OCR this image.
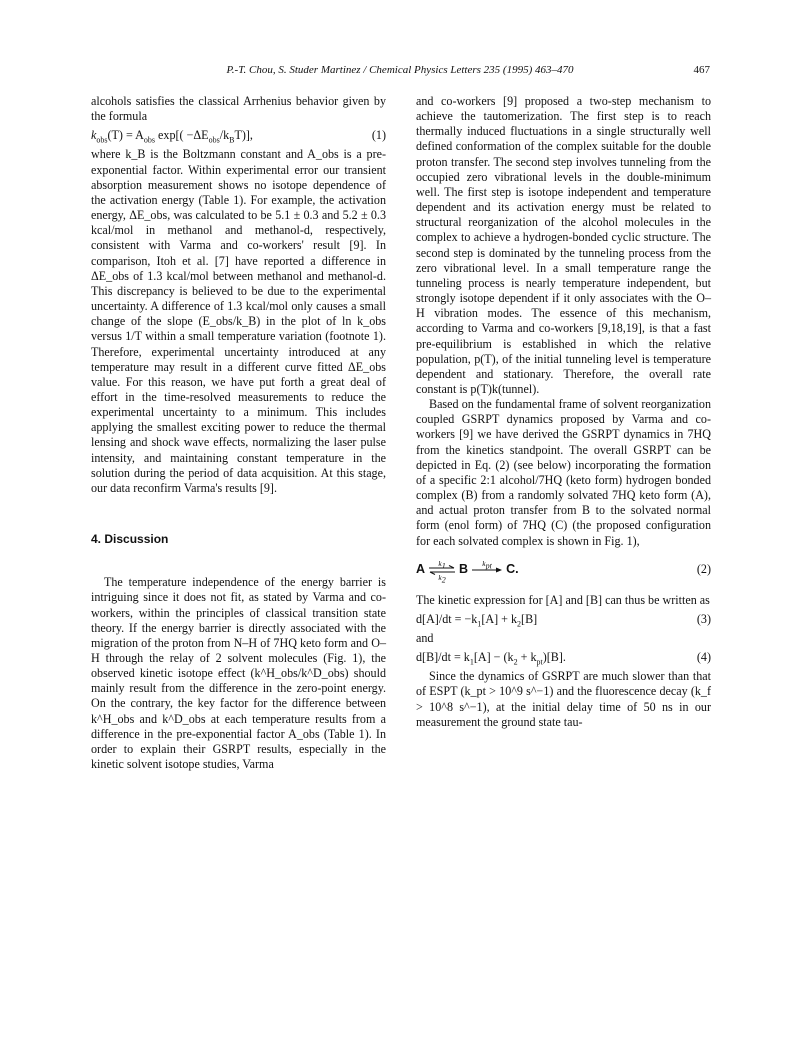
P.-T. Chou, S. Studer Martinez / Chemical Physics Letters 235 (1995) 463–470	467

alcohols satisfies the classical Arrhenius behavior given by the formula

$k_{obs}(T) = A_{obs}$ $\exp[( -\Delta E_{obs}/k_BT)]$,	(1)

where k_B is the Boltzmann constant and A_obs is a pre-exponential factor. Within experimental error our transient absorption measurement shows no isotope dependence of the activation energy (Table 1). For example, the activation energy, ΔE_obs, was calculated to be 5.1 ± 0.3 and 5.2 ± 0.3 kcal/mol in methanol and methanol-d, respectively, consistent with Varma and co-workers' result [9]. In comparison, Itoh et al. [7] have reported a difference in ΔE_obs of 1.3 kcal/mol between methanol and methanol-d. This discrepancy is believed to be due to the experimental uncertainty. A difference of 1.3 kcal/mol only causes a small change of the slope (E_obs/k_B) in the plot of ln k_obs versus 1/T within a small temperature variation (footnote 1). Therefore, experimental uncertainty introduced at any temperature may result in a different curve fitted ΔE_obs value. For this reason, we have put forth a great deal of effort in the time-resolved measurements to reduce the experimental uncertainty to a minimum. This includes applying the smallest exciting power to reduce the thermal lensing and shock wave effects, normalizing the laser pulse intensity, and maintaining constant temperature in the solution during the period of data acquisition. At this stage, our data reconfirm Varma's results [9].

4. Discussion

The temperature independence of the energy barrier is intriguing since it does not fit, as stated by Varma and co-workers, within the principles of classical transition state theory. If the energy barrier is directly associated with the migration of the proton from N–H of 7HQ keto form and O–H through the relay of 2 solvent molecules (Fig. 1), the observed kinetic isotope effect (k^H_obs/k^D_obs) should mainly result from the difference in the zero-point energy. On the contrary, the key factor for the difference between k^H_obs and k^D_obs at each temperature results from a difference in the pre-exponential factor A_obs (Table 1). In order to explain their GSRPT results, especially in the kinetic solvent isotope studies, Varma

and co-workers [9] proposed a two-step mechanism to achieve the tautomerization. The first step is to reach thermally induced fluctuations in a single structurally well defined conformation of the complex suitable for the double proton transfer. The second step involves tunneling from the occupied zero vibrational levels in the double-minimum well. The first step is isotope independent and temperature dependent and its activation energy must be related to structural reorganization of the alcohol molecules in the complex to achieve a hydrogen-bonded cyclic structure. The second step is dominated by the tunneling process from the zero vibrational level. In a small temperature range the tunneling process is nearly temperature independent, but strongly isotope dependent if it only associates with the O–H vibration modes. The essence of this mechanism, according to Varma and co-workers [9,18,19], is that a fast pre-equilibrium is established in which the relative population, p(T), of the initial tunneling level is temperature dependent and stationary. Therefore, the overall rate constant is p(T)k(tunnel).

Based on the fundamental frame of solvent reorganization coupled GSRPT dynamics proposed by Varma and co-workers [9] we have derived the GSRPT dynamics in 7HQ from the kinetics standpoint. The overall GSRPT can be depicted in Eq. (2) (see below) incorporating the formation of a specific 2:1 alcohol/7HQ (keto form) hydrogen bonded complex (B) from a randomly solvated 7HQ keto form (A), and actual proton transfer from B to the solvated normal form (enol form) of 7HQ (C) (the proposed configuration for each solvated complex is shown in Fig. 1),

A $k_1$
$k_2$
B $k_{pt}$ C.	(2)

The kinetic expression for [A] and [B] can thus be written as

$d[A]/dt = -k_1[A] + k_2[B]$	(3)

and

$d[B]/dt = k_1[A] - (k_2 + k_{pt})[B]$.	(4)

Since the dynamics of GSRPT are much slower than that of ESPT (k_pt > 10^9 s^−1) and the fluorescence decay (k_f > 10^8 s^−1), at the initial delay time of 50 ns in our measurement the ground state tau-
